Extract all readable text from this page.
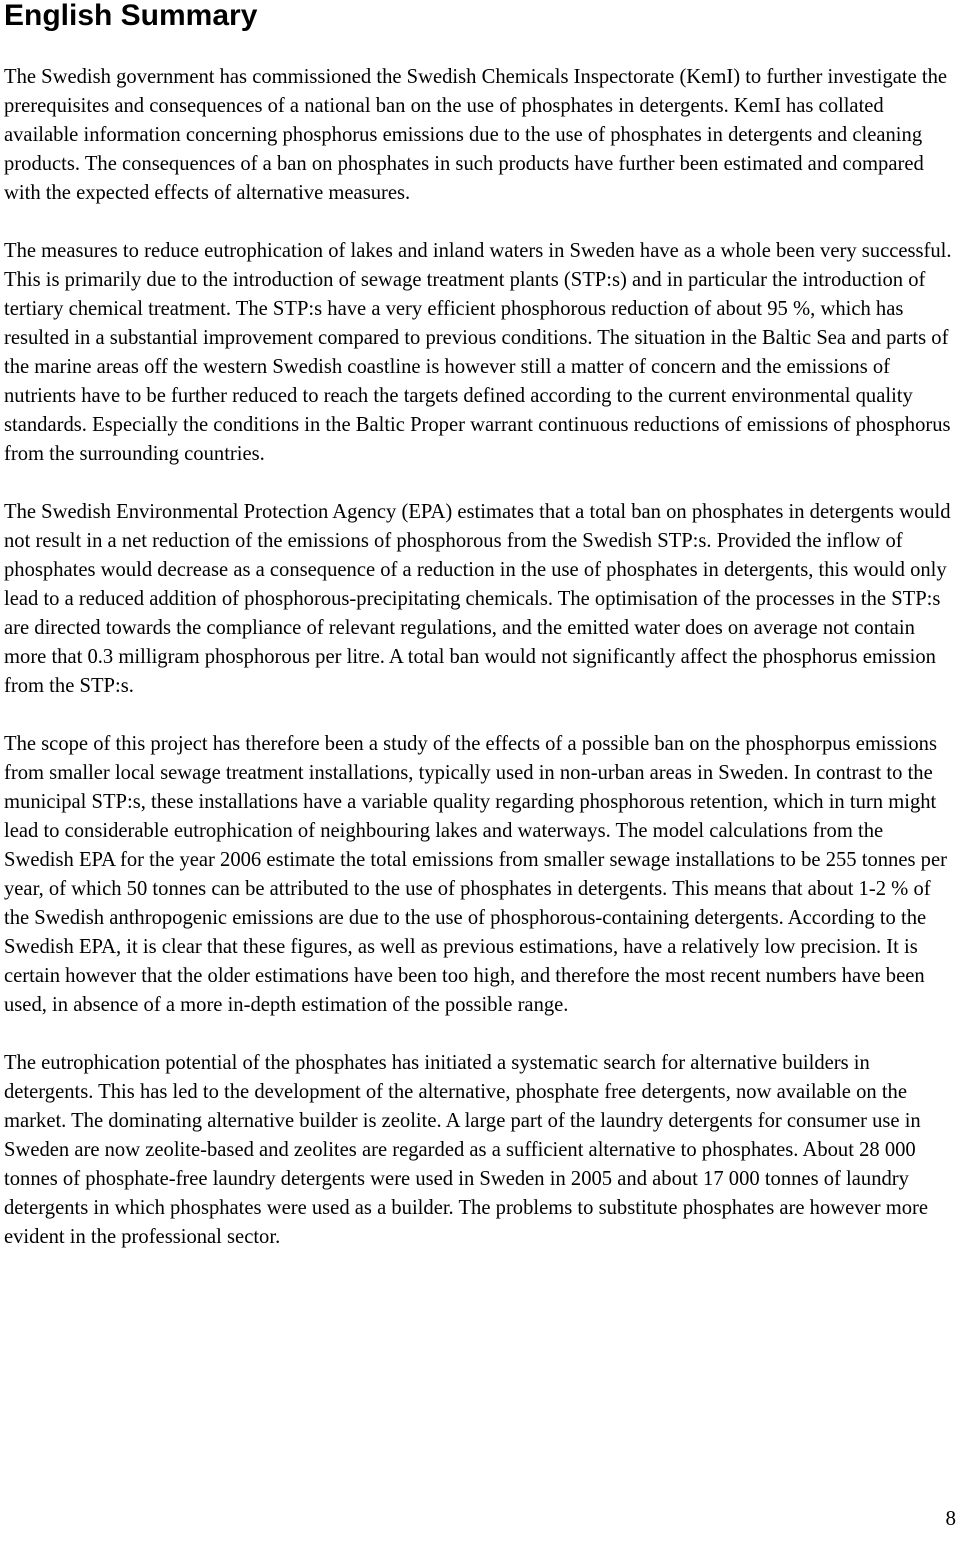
English Summary

The Swedish government has commissioned the Swedish Chemicals Inspectorate (KemI) to further investigate the prerequisites and consequences of a national ban on the use of phosphates in detergents. KemI has collated available information concerning phosphorus emissions due to the use of phosphates in detergents and cleaning products. The consequences of a ban on phosphates in such products have further been estimated and compared with the expected effects of alternative measures.

The measures to reduce eutrophication of lakes and inland waters in Sweden have as a whole been very successful. This is primarily due to the introduction of sewage treatment plants (STP:s) and in particular the introduction of tertiary chemical treatment. The STP:s have a very efficient phosphorous reduction of about 95 %, which has resulted in a substantial improvement compared to previous conditions. The situation in the Baltic Sea and parts of the marine areas off the western Swedish coastline is however still a matter of concern and the emissions of nutrients have to be further reduced to reach the targets defined according to the current environmental quality standards. Especially the conditions in the Baltic Proper warrant continuous reductions of emissions of phosphorus from the surrounding countries.

The Swedish Environmental Protection Agency (EPA) estimates that a total ban on phosphates in detergents would not result in a net reduction of the emissions of phosphorous from the Swedish STP:s. Provided the inflow of phosphates would decrease as a consequence of a reduction in the use of phosphates in detergents, this would only lead to a reduced addition of phosphorous-precipitating chemicals. The optimisation of the processes in the STP:s are directed towards the compliance of relevant regulations, and the emitted water does on average not contain more that 0.3 milligram phosphorous per litre. A total ban would not significantly affect the phosphorus emission from the STP:s.

The scope of this project has therefore been a study of the effects of a possible ban on the phosphorpus emissions from smaller local sewage treatment installations, typically used in non-urban areas in Sweden. In contrast to the municipal STP:s, these installations have a variable quality regarding phosphorous retention, which in turn might lead to considerable eutrophication of neighbouring lakes and waterways. The model calculations from the Swedish EPA for the year 2006 estimate the total emissions from smaller sewage installations to be 255 tonnes per year, of which 50 tonnes can be attributed to the use of phosphates in detergents. This means that about 1-2 % of the Swedish anthropogenic emissions are due to the use of phosphorous-containing detergents. According to the Swedish EPA, it is clear that these figures, as well as previous estimations, have a relatively low precision. It is certain however that the older estimations have been too high, and therefore the most recent numbers have been used, in absence of a more in-depth estimation of the possible range.

The eutrophication potential of the phosphates has initiated a systematic search for alternative builders in detergents. This has led to the development of the alternative, phosphate free detergents, now available on the market. The dominating alternative builder is zeolite. A large part of the laundry detergents for consumer use in Sweden are now zeolite-based and zeolites are regarded as a sufficient alternative to phosphates. About 28 000 tonnes of phosphate-free laundry detergents were used in Sweden in 2005 and about 17 000 tonnes of laundry detergents in which phosphates were used as a builder. The problems to substitute phosphates are however more evident in the professional sector.

8
